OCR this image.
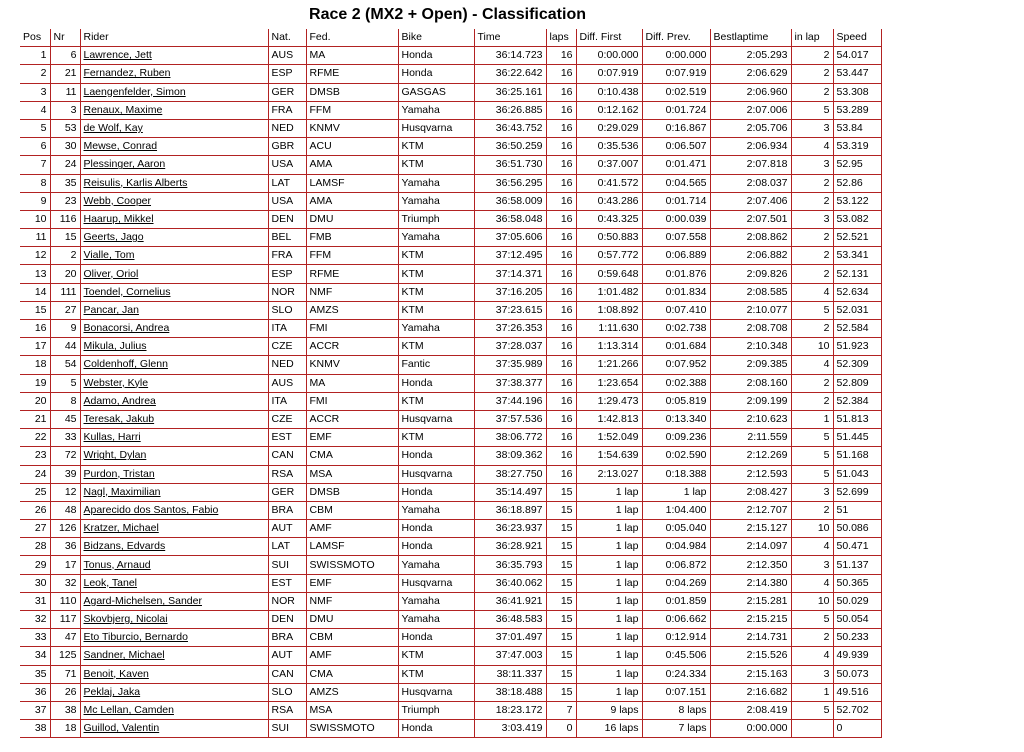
Race 2 (MX2 + Open) - Classification
Pos	Nr	Rider	Nat.	Fed.	Bike	Time	laps	Diff. First	Diff. Prev.	Bestlaptime	in lap	Speed
1	6	Lawrence, Jett	AUS	MA	Honda	36:14.723	16	0:00.000	0:00.000	2:05.293	2	54.017
2	21	Fernandez, Ruben	ESP	RFME	Honda	36:22.642	16	0:07.919	0:07.919	2:06.629	2	53.447
3	11	Laengenfelder, Simon	GER	DMSB	GASGAS	36:25.161	16	0:10.438	0:02.519	2:06.960	2	53.308
4	3	Renaux, Maxime	FRA	FFM	Yamaha	36:26.885	16	0:12.162	0:01.724	2:07.006	5	53.289
5	53	de Wolf, Kay	NED	KNMV	Husqvarna	36:43.752	16	0:29.029	0:16.867	2:05.706	3	53.84
6	30	Mewse, Conrad	GBR	ACU	KTM	36:50.259	16	0:35.536	0:06.507	2:06.934	4	53.319
7	24	Plessinger, Aaron	USA	AMA	KTM	36:51.730	16	0:37.007	0:01.471	2:07.818	3	52.95
8	35	Reisulis, Karlis Alberts	LAT	LAMSF	Yamaha	36:56.295	16	0:41.572	0:04.565	2:08.037	2	52.86
9	23	Webb, Cooper	USA	AMA	Yamaha	36:58.009	16	0:43.286	0:01.714	2:07.406	2	53.122
10	116	Haarup, Mikkel	DEN	DMU	Triumph	36:58.048	16	0:43.325	0:00.039	2:07.501	3	53.082
11	15	Geerts, Jago	BEL	FMB	Yamaha	37:05.606	16	0:50.883	0:07.558	2:08.862	2	52.521
12	2	Vialle, Tom	FRA	FFM	KTM	37:12.495	16	0:57.772	0:06.889	2:06.882	2	53.341
13	20	Oliver, Oriol	ESP	RFME	KTM	37:14.371	16	0:59.648	0:01.876	2:09.826	2	52.131
14	111	Toendel, Cornelius	NOR	NMF	KTM	37:16.205	16	1:01.482	0:01.834	2:08.585	4	52.634
15	27	Pancar, Jan	SLO	AMZS	KTM	37:23.615	16	1:08.892	0:07.410	2:10.077	5	52.031
16	9	Bonacorsi, Andrea	ITA	FMI	Yamaha	37:26.353	16	1:11.630	0:02.738	2:08.708	2	52.584
17	44	Mikula, Julius	CZE	ACCR	KTM	37:28.037	16	1:13.314	0:01.684	2:10.348	10	51.923
18	54	Coldenhoff, Glenn	NED	KNMV	Fantic	37:35.989	16	1:21.266	0:07.952	2:09.385	4	52.309
19	5	Webster, Kyle	AUS	MA	Honda	37:38.377	16	1:23.654	0:02.388	2:08.160	2	52.809
20	8	Adamo, Andrea	ITA	FMI	KTM	37:44.196	16	1:29.473	0:05.819	2:09.199	2	52.384
21	45	Teresak, Jakub	CZE	ACCR	Husqvarna	37:57.536	16	1:42.813	0:13.340	2:10.623	1	51.813
22	33	Kullas, Harri	EST	EMF	KTM	38:06.772	16	1:52.049	0:09.236	2:11.559	5	51.445
23	72	Wright, Dylan	CAN	CMA	Honda	38:09.362	16	1:54.639	0:02.590	2:12.269	5	51.168
24	39	Purdon, Tristan	RSA	MSA	Husqvarna	38:27.750	16	2:13.027	0:18.388	2:12.593	5	51.043
25	12	Nagl, Maximilian	GER	DMSB	Honda	35:14.497	15	1 lap	1 lap	2:08.427	3	52.699
26	48	Aparecido dos Santos, Fabio	BRA	CBM	Yamaha	36:18.897	15	1 lap	1:04.400	2:12.707	2	51
27	126	Kratzer, Michael	AUT	AMF	Honda	36:23.937	15	1 lap	0:05.040	2:15.127	10	50.086
28	36	Bidzans, Edvards	LAT	LAMSF	Honda	36:28.921	15	1 lap	0:04.984	2:14.097	4	50.471
29	17	Tonus, Arnaud	SUI	SWISSMOTO	Yamaha	36:35.793	15	1 lap	0:06.872	2:12.350	3	51.137
30	32	Leok, Tanel	EST	EMF	Husqvarna	36:40.062	15	1 lap	0:04.269	2:14.380	4	50.365
31	110	Agard-Michelsen, Sander	NOR	NMF	Yamaha	36:41.921	15	1 lap	0:01.859	2:15.281	10	50.029
32	117	Skovbjerg, Nicolai	DEN	DMU	Yamaha	36:48.583	15	1 lap	0:06.662	2:15.215	5	50.054
33	47	Eto Tiburcio, Bernardo	BRA	CBM	Honda	37:01.497	15	1 lap	0:12.914	2:14.731	2	50.233
34	125	Sandner, Michael	AUT	AMF	KTM	37:47.003	15	1 lap	0:45.506	2:15.526	4	49.939
35	71	Benoit, Kaven	CAN	CMA	KTM	38:11.337	15	1 lap	0:24.334	2:15.163	3	50.073
36	26	Peklaj, Jaka	SLO	AMZS	Husqvarna	38:18.488	15	1 lap	0:07.151	2:16.682	1	49.516
37	38	Mc Lellan, Camden	RSA	MSA	Triumph	18:23.172	7	9 laps	8 laps	2:08.419	5	52.702
38	18	Guillod, Valentin	SUI	SWISSMOTO	Honda	3:03.419	0	16 laps	7 laps	0:00.000		0
